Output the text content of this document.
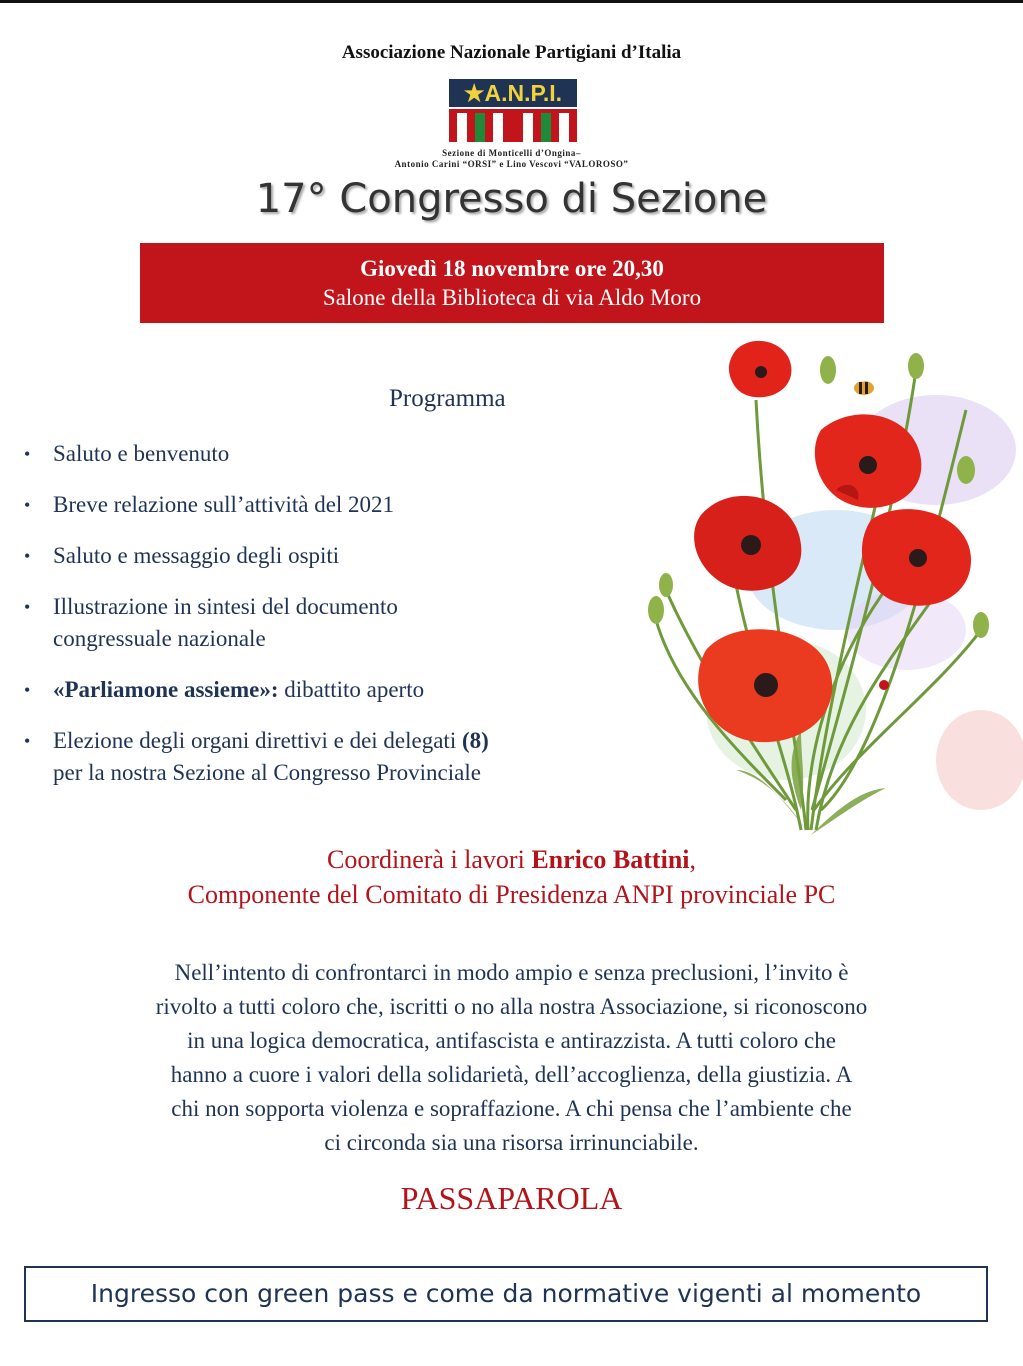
Associazione Nazionale Partigiani d’Italia
★A.N.P.I.
Sezione di Monticelli d’Ongina–
Antonio Carini “ORSI” e Lino Vescovi “VALOROSO”
17° Congresso di Sezione
Giovedì 18 novembre ore 20,30
Salone della Biblioteca di via Aldo Moro
Programma
• Saluto e benvenuto
• Breve relazione sull’attività del 2021
• Saluto e messaggio degli ospiti
• Illustrazione in sintesi del documento
congressuale nazionale
• «Parliamone assieme»: dibattito aperto
• Elezione degli organi direttivi e dei delegati (8)
per la nostra Sezione al Congresso Provinciale
Coordinerà i lavori Enrico Battini,
Componente del Comitato di Presidenza ANPI provinciale PC
Nell’intento di confrontarci in modo ampio e senza preclusioni, l’invito è
rivolto a tutti coloro che, iscritti o no alla nostra Associazione, si riconoscono
in una logica democratica, antifascista e antirazzista. A tutti coloro che
hanno a cuore i valori della solidarietà, dell’accoglienza, della giustizia. A
chi non sopporta violenza e sopraffazione. A chi pensa che l’ambiente che
ci circonda sia una risorsa irrinunciabile.
PASSAPAROLA
Ingresso con green pass e come da normative vigenti al momento
